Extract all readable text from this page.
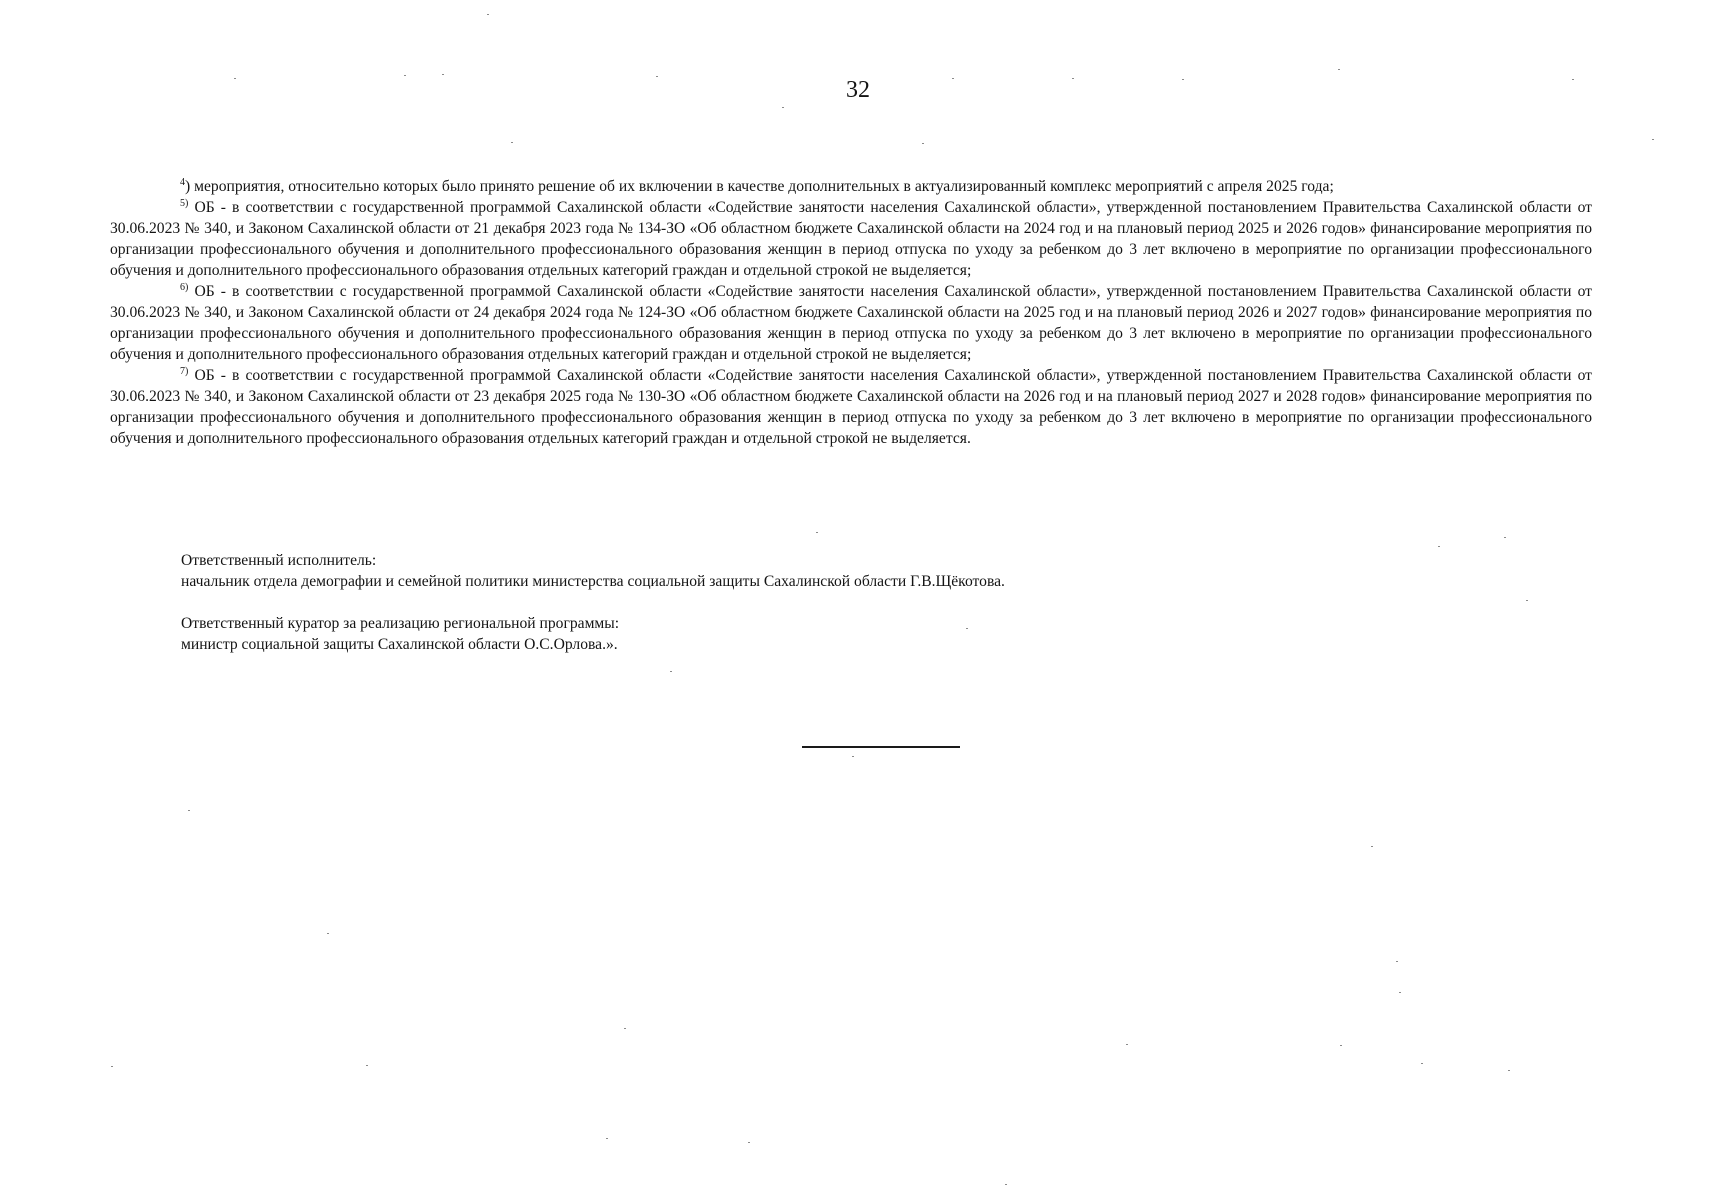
32

$^4$) мероприятия, относительно которых было принято решение об их включении в качестве дополнительных в актуализированный комплекс мероприятий с апреля 2025 года;

$^{5)}$ ОБ - в соответствии с государственной программой Сахалинской области «Содействие занятости населения Сахалинской области», утвержденной постановлением Правительства Сахалинской области от 30.06.2023 № 340, и Законом Сахалинской области от 21 декабря 2023 года № 134-ЗО «Об областном бюджете Сахалинской области на 2024 год и на плановый период 2025 и 2026 годов» финансирование мероприятия по организации профессионального обучения и дополнительного профессионального образования женщин в период отпуска по уходу за ребенком до 3 лет включено в мероприятие по организации профессионального обучения и дополнительного профессионального образования отдельных категорий граждан и отдельной строкой не выделяется;

$^{6)}$ ОБ - в соответствии с государственной программой Сахалинской области «Содействие занятости населения Сахалинской области», утвержденной постановлением Правительства Сахалинской области от 30.06.2023 № 340, и Законом Сахалинской области от 24 декабря 2024 года № 124-ЗО «Об областном бюджете Сахалинской области на 2025 год и на плановый период 2026 и 2027 годов» финансирование мероприятия по организации профессионального обучения и дополнительного профессионального образования женщин в период отпуска по уходу за ребенком до 3 лет включено в мероприятие по организации профессионального обучения и дополнительного профессионального образования отдельных категорий граждан и отдельной строкой не выделяется;

$^{7)}$ ОБ - в соответствии с государственной программой Сахалинской области «Содействие занятости населения Сахалинской области», утвержденной постановлением Правительства Сахалинской области от 30.06.2023 № 340, и Законом Сахалинской области от 23 декабря 2025 года № 130-ЗО «Об областном бюджете Сахалинской области на 2026 год и на плановый период 2027 и 2028 годов» финансирование мероприятия по организации профессионального обучения и дополнительного профессионального образования женщин в период отпуска по уходу за ребенком до 3 лет включено в мероприятие по организации профессионального обучения и дополнительного профессионального образования отдельных категорий граждан и отдельной строкой не выделяется.

Ответственный исполнитель:

начальник отдела демографии и семейной политики министерства социальной защиты Сахалинской области Г.В.Щёкотова.

Ответственный куратор за реализацию региональной программы:

министр социальной защиты Сахалинской области О.С.Орлова.».
